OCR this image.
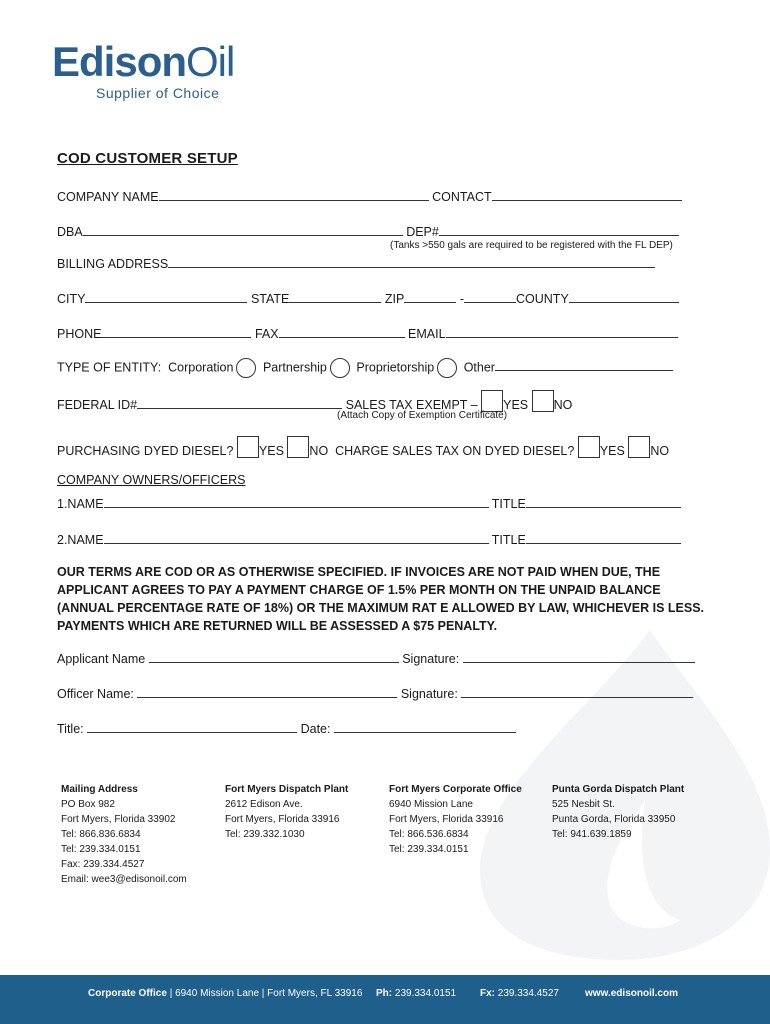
EdisonOil
Supplier of Choice
COD CUSTOMER SETUP
COMPANY NAME	CONTACT
DBA	DEP#
(Tanks >550 gals are required to be registered with the FL DEP)
BILLING ADDRESS
CITY	STATE	ZIP	-	COUNTY
PHONE	FAX	EMAIL
TYPE OF ENTITY: Corporation Partnership Proprietorship Other
FEDERAL ID#	SALES TAX EXEMPT – YES NO
(Attach Copy of Exemption Certificate)
PURCHASING DYED DIESEL? YES NO CHARGE SALES TAX ON DYED DIESEL? YES NO
COMPANY OWNERS/OFFICERS
1.NAME	TITLE
2.NAME	TITLE
OUR TERMS ARE COD OR AS OTHERWISE SPECIFIED. IF INVOICES ARE NOT PAID WHEN DUE, THE APPLICANT AGREES TO PAY A PAYMENT CHARGE OF 1.5% PER MONTH ON THE UNPAID BALANCE (ANNUAL PERCENTAGE RATE OF 18%) OR THE MAXIMUM RAT E ALLOWED BY LAW, WHICHEVER IS LESS. PAYMENTS WHICH ARE RETURNED WILL BE ASSESSED A $75 PENALTY.
Applicant Name	Signature:
Officer Name:	Signature:
Title:	Date:
Mailing Address
PO Box 982
Fort Myers, Florida 33902
Tel: 866.836.6834
Tel: 239.334.0151
Fax: 239.334.4527
Email: wee3@edisonoil.com
Fort Myers Dispatch Plant
2612 Edison Ave.
Fort Myers, Florida 33916
Tel: 239.332.1030
Fort Myers Corporate Office
6940 Mission Lane
Fort Myers, Florida 33916
Tel: 866.536.6834
Tel: 239.334.0151
Punta Gorda Dispatch Plant
525 Nesbit St.
Punta Gorda, Florida 33950
Tel: 941.639.1859
Corporate Office | 6940 Mission Lane | Fort Myers, FL 33916 Ph: 239.334.0151 Fx: 239.334.4527	www.edisonoil.com
